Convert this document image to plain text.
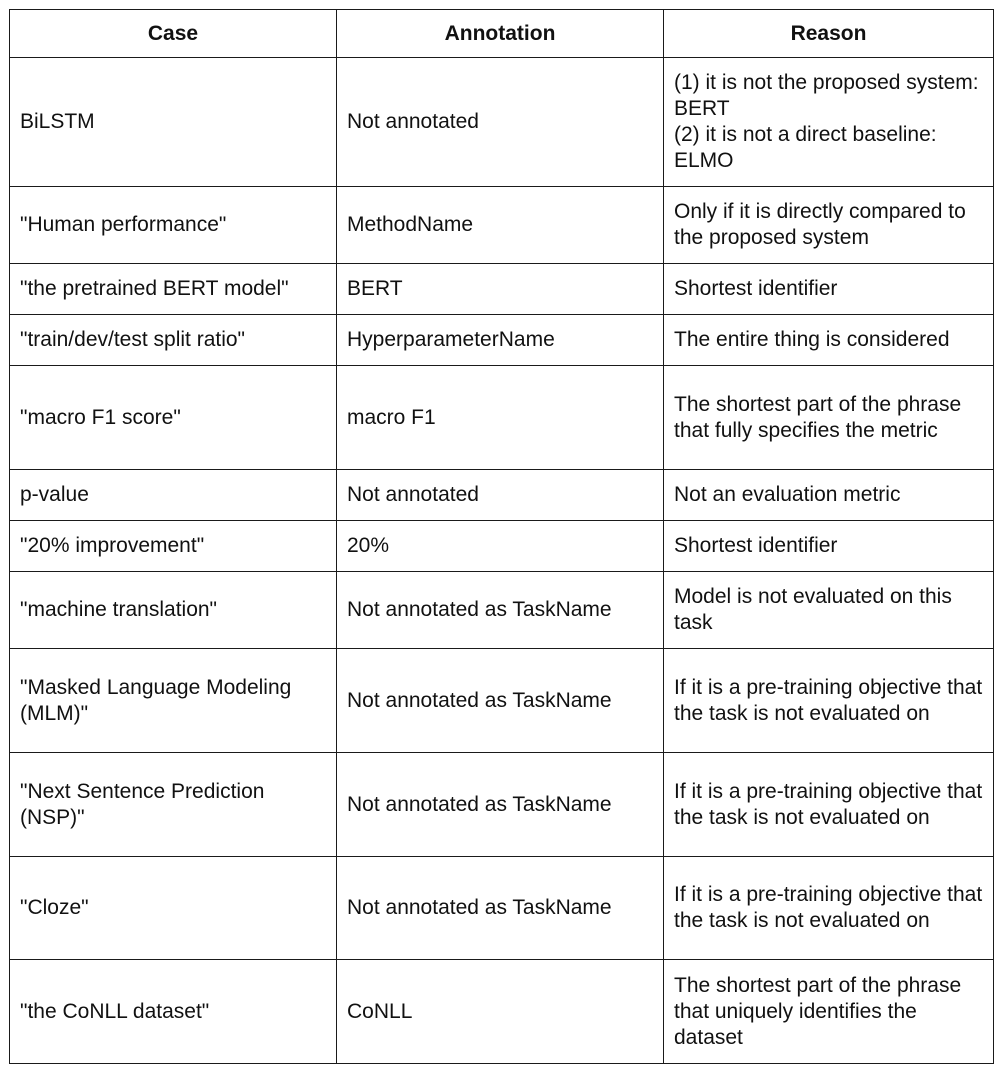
Case	Annotation	Reason
BiLSTM	Not annotated	(1) it is not the proposed system: BERT
(2) it is not a direct baseline: ELMO

"Human performance"	MethodName	Only if it is directly compared to the proposed system

"the pretrained BERT model"	BERT	Shortest identifier

"train/dev/test split ratio"	HyperparameterName	The entire thing is considered

"macro F1 score"	macro F1	The shortest part of the phrase that fully specifies the metric

p-value	Not annotated	Not an evaluation metric

"20% improvement"	20%	Shortest identifier

"machine translation"	Not annotated as TaskName	Model is not evaluated on this task

"Masked Language Modeling (MLM)"	Not annotated as TaskName	If it is a pre-training objective that the task is not evaluated on

"Next Sentence Prediction (NSP)"	Not annotated as TaskName	If it is a pre-training objective that the task is not evaluated on

"Cloze"	Not annotated as TaskName	If it is a pre-training objective that the task is not evaluated on

"the CoNLL dataset"	CoNLL	The shortest part of the phrase that uniquely identifies the dataset
